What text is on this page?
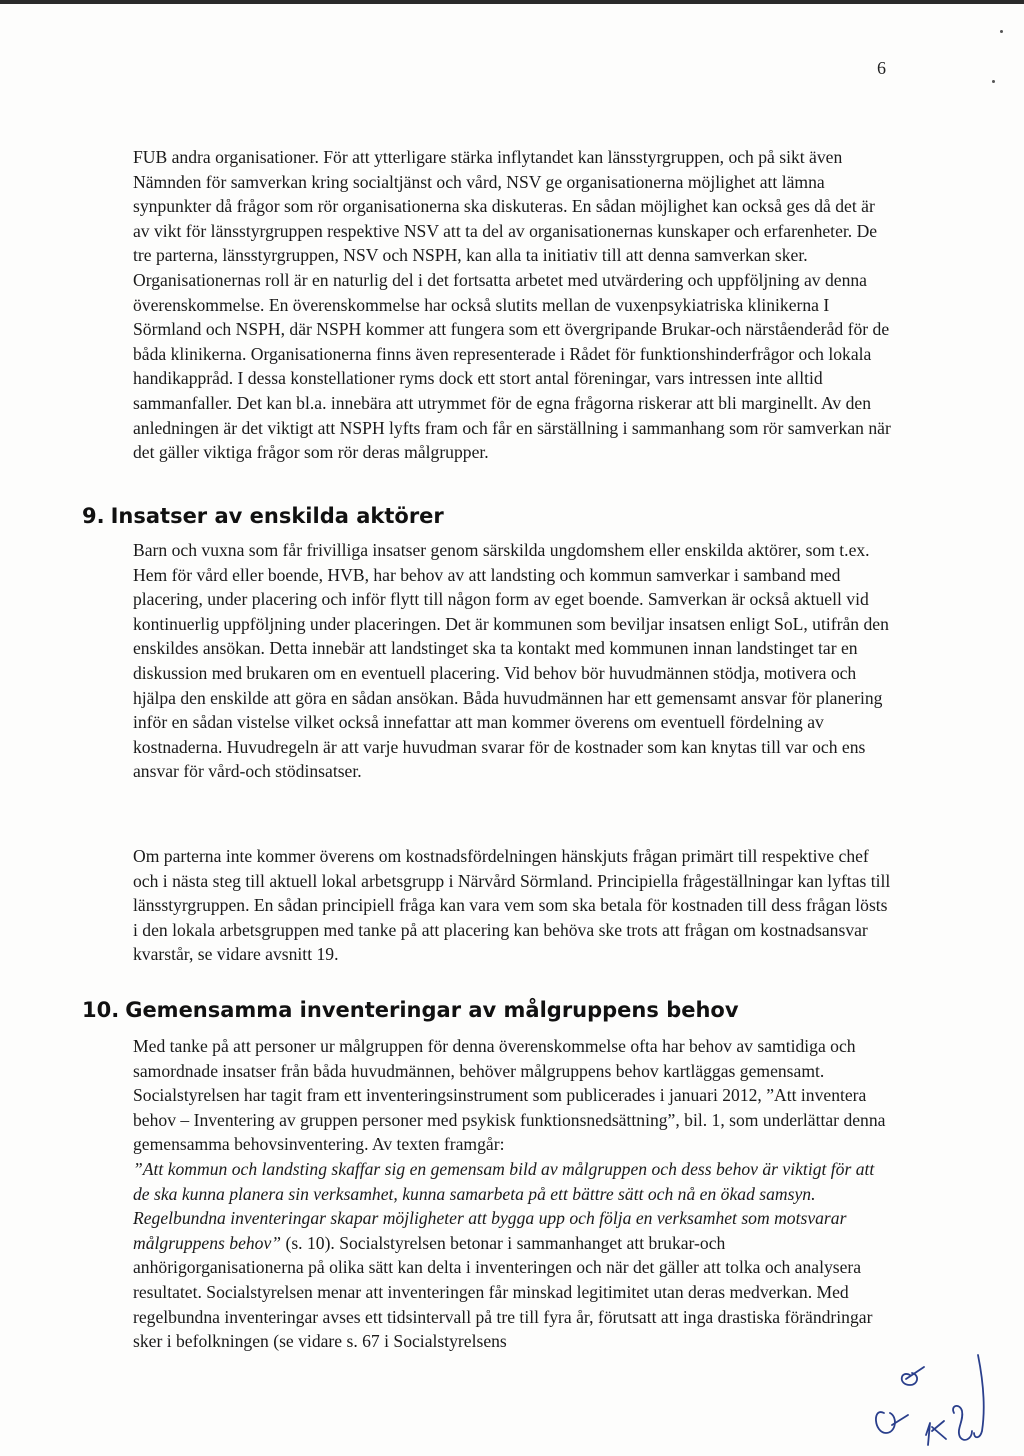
6

FUB andra organisationer. För att ytterligare stärka inflytandet kan länsstyrgruppen, och på sikt även Nämnden för samverkan kring socialtjänst och vård, NSV ge organisationerna möjlighet att lämna synpunkter då frågor som rör organisationerna ska diskuteras. En sådan möjlighet kan också ges då det är av vikt för länsstyrgruppen respektive NSV att ta del av organisationernas kunskaper och erfarenheter. De tre parterna, länsstyrgruppen, NSV och NSPH, kan alla ta initiativ till att denna samverkan sker. Organisationernas roll är en naturlig del i det fortsatta arbetet med utvärdering och uppföljning av denna överenskommelse. En överenskommelse har också slutits mellan de vuxenpsykiatriska klinikerna I Sörmland och NSPH, där NSPH kommer att fungera som ett övergripande Brukar-och närståenderåd för de båda klinikerna. Organisationerna finns även representerade i Rådet för funktionshinderfrågor och lokala handikappråd. I dessa konstellationer ryms dock ett stort antal föreningar, vars intressen inte alltid sammanfaller. Det kan bl.a. innebära att utrymmet för de egna frågorna riskerar att bli marginellt. Av den anledningen är det viktigt att NSPH lyfts fram och får en särställning i sammanhang som rör samverkan när det gäller viktiga frågor som rör deras målgrupper.

9. Insatser av enskilda aktörer

Barn och vuxna som får frivilliga insatser genom särskilda ungdomshem eller enskilda aktörer, som t.ex. Hem för vård eller boende, HVB, har behov av att landsting och kommun samverkar i samband med placering, under placering och inför flytt till någon form av eget boende. Samverkan är också aktuell vid kontinuerlig uppföljning under placeringen. Det är kommunen som beviljar insatsen enligt SoL, utifrån den enskildes ansökan. Detta innebär att landstinget ska ta kontakt med kommunen innan landstinget tar en diskussion med brukaren om en eventuell placering. Vid behov bör huvudmännen stödja, motivera och hjälpa den enskilde att göra en sådan ansökan. Båda huvudmännen har ett gemensamt ansvar för planering inför en sådan vistelse vilket också innefattar att man kommer överens om eventuell fördelning av kostnaderna. Huvudregeln är att varje huvudman svarar för de kostnader som kan knytas till var och ens ansvar för vård-och stödinsatser.

Om parterna inte kommer överens om kostnadsfördelningen hänskjuts frågan primärt till respektive chef och i nästa steg till aktuell lokal arbetsgrupp i Närvård Sörmland. Principiella frågeställningar kan lyftas till länsstyrgruppen. En sådan principiell fråga kan vara vem som ska betala för kostnaden till dess frågan lösts i den lokala arbetsgruppen med tanke på att placering kan behöva ske trots att frågan om kostnadsansvar kvarstår, se vidare avsnitt 19.

10. Gemensamma inventeringar av målgruppens behov

Med tanke på att personer ur målgruppen för denna överenskommelse ofta har behov av samtidiga och samordnade insatser från båda huvudmännen, behöver målgruppens behov kartläggas gemensamt. Socialstyrelsen har tagit fram ett inventeringsinstrument som publicerades i januari 2012, ”Att inventera behov – Inventering av gruppen personer med psykisk funktionsnedsättning”, bil. 1, som underlättar denna gemensamma behovsinventering. Av texten framgår:
”Att kommun och landsting skaffar sig en gemensam bild av målgruppen och dess behov är viktigt för att de ska kunna planera sin verksamhet, kunna samarbeta på ett bättre sätt och nå en ökad samsyn. Regelbundna inventeringar skapar möjligheter att bygga upp och följa en verksamhet som motsvarar målgruppens behov” (s. 10). Socialstyrelsen betonar i sammanhanget att brukar-och anhörigorganisationerna på olika sätt kan delta i inventeringen och när det gäller att tolka och analysera resultatet. Socialstyrelsen menar att inventeringen får minskad legitimitet utan deras medverkan. Med regelbundna inventeringar avses ett tidsintervall på tre till fyra år, förutsatt att inga drastiska förändringar sker i befolkningen (se vidare s. 67 i Socialstyrelsens
